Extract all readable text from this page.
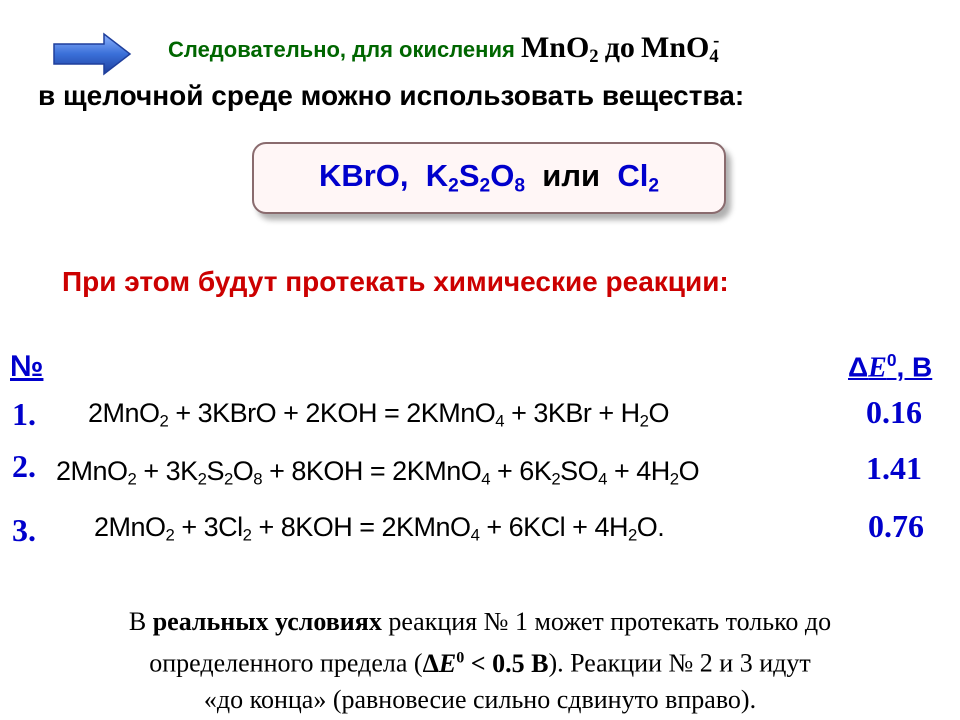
Следовательно, для окисления MnO$_2$ до MnO$_4$-
в щелочной среде можно использовать вещества:
KBrO, $K_2S_2O_8$ или $Cl_2$
При этом будут протекать химические реакции:
№	$\Delta E^0$, В
1. 2MnO$_2$ + 3KBrO + 2KOH = 2KMnO$_4$ + $3KBr + H_2O$	0.16
2. $2MnO_2 + 3K_2S_2O_8 + 8KOH$ = 2KMnO$_4$ + $6K_2SO_4 + 4H_2O$	1.41
3. $2MnO_2 + 3Cl_2 + 8KOH$ = 2KMnO$_4$ + $6KCl + 4H_2O$.	0.76
В реальных условиях реакция № 1 может протекать только до
определенного предела ($\Delta E^0 < 0.5$ В). Реакции № 2 и 3 идут
«до конца» (равновесие сильно сдвинуто вправо).
